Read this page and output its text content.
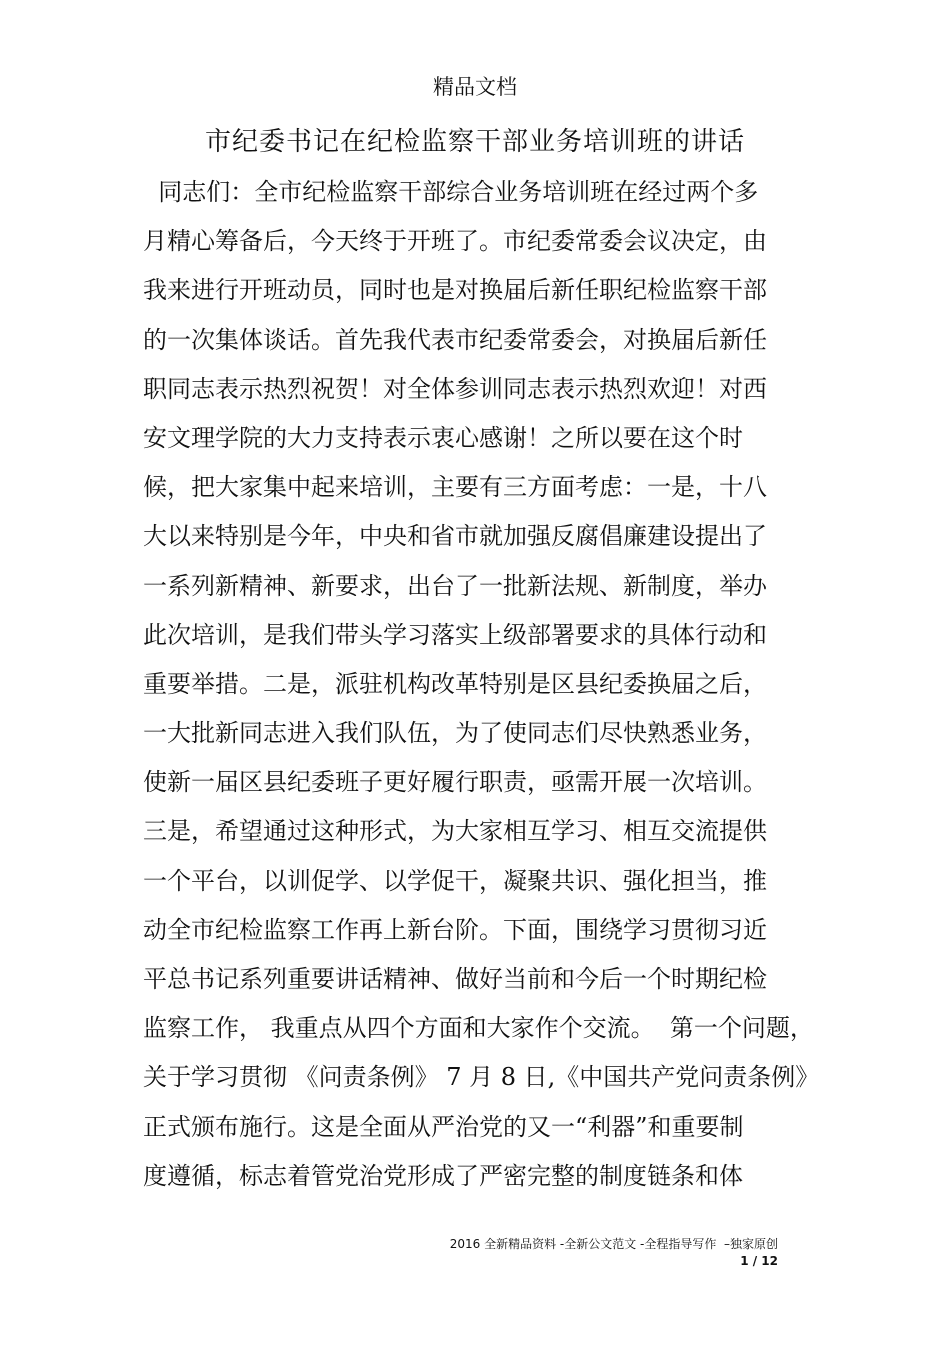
精品文档
市纪委书记在纪检监察干部业务培训班的讲话
同志们：全市纪检监察干部综合业务培训班在经过两个多
月精心筹备后，今天终于开班了。市纪委常委会议决定，由
我来进行开班动员，同时也是对换届后新任职纪检监察干部
的一次集体谈话。首先我代表市纪委常委会，对换届后新任
职同志表示热烈祝贺！对全体参训同志表示热烈欢迎！对西
安文理学院的大力支持表示衷心感谢！之所以要在这个时
候，把大家集中起来培训，主要有三方面考虑：一是，十八
大以来特别是今年，中央和省市就加强反腐倡廉建设提出了
一系列新精神、新要求，出台了一批新法规、新制度，举办
此次培训，是我们带头学习落实上级部署要求的具体行动和
重要举措。二是，派驻机构改革特别是区县纪委换届之后，
一大批新同志进入我们队伍，为了使同志们尽快熟悉业务，
使新一届区县纪委班子更好履行职责，亟需开展一次培训。
三是，希望通过这种形式，为大家相互学习、相互交流提供
一个平台，以训促学、以学促干，凝聚共识、强化担当，推
动全市纪检监察工作再上新台阶。下面，围绕学习贯彻习近
平总书记系列重要讲话精神、做好当前和今后一个时期纪检
监察工作， 我重点从四个方面和大家作个交流。  第一个问题，
关于学习贯彻 《问责条例》 7 月 8 日,《中国共产党问责条例》
正式颁布施行。这是全面从严治党的又一“利器”和重要制
度遵循，标志着管党治党形成了严密完整的制度链条和体
2016 全新精品资料 -全新公文范文 -全程指导写作  –独家原创
1 / 12
